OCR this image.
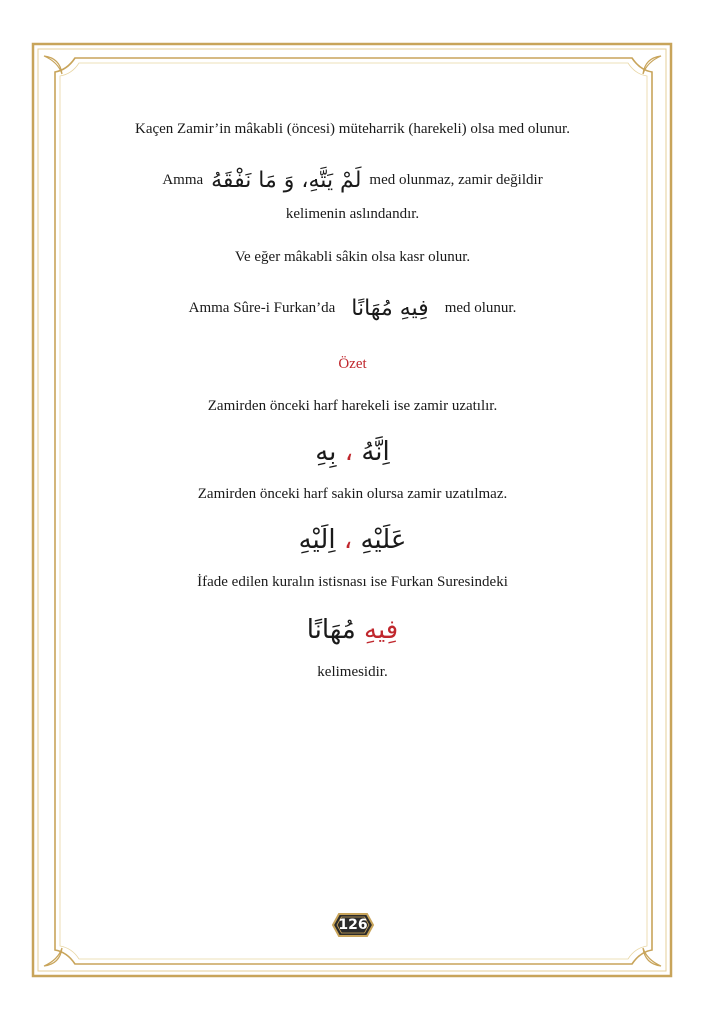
Kaçen Zamir’in mâkabli (öncesi) müteharrik (harekeli) olsa med olunur.
Amma لَمْ يَتَّهِ، وَ مَا نَفْقَهُ med olunmaz, zamir değildir
kelimenin aslındandır.
Ve eğer mâkabli sâkin olsa kasr olunur.
Amma Sûre-i Furkan’da فِيهِ مُهَانًا med olunur.
Özet
Zamirden önceki harf harekeli ise zamir uzatılır.
اِنَّهُ ، بِهِ
Zamirden önceki harf sakin olursa zamir uzatılmaz.
عَلَيْهِ ، اِلَيْهِ
İfade edilen kuralın istisnası ise Furkan Suresindeki
فِيهِ مُهَانًا
kelimesidir.
126
